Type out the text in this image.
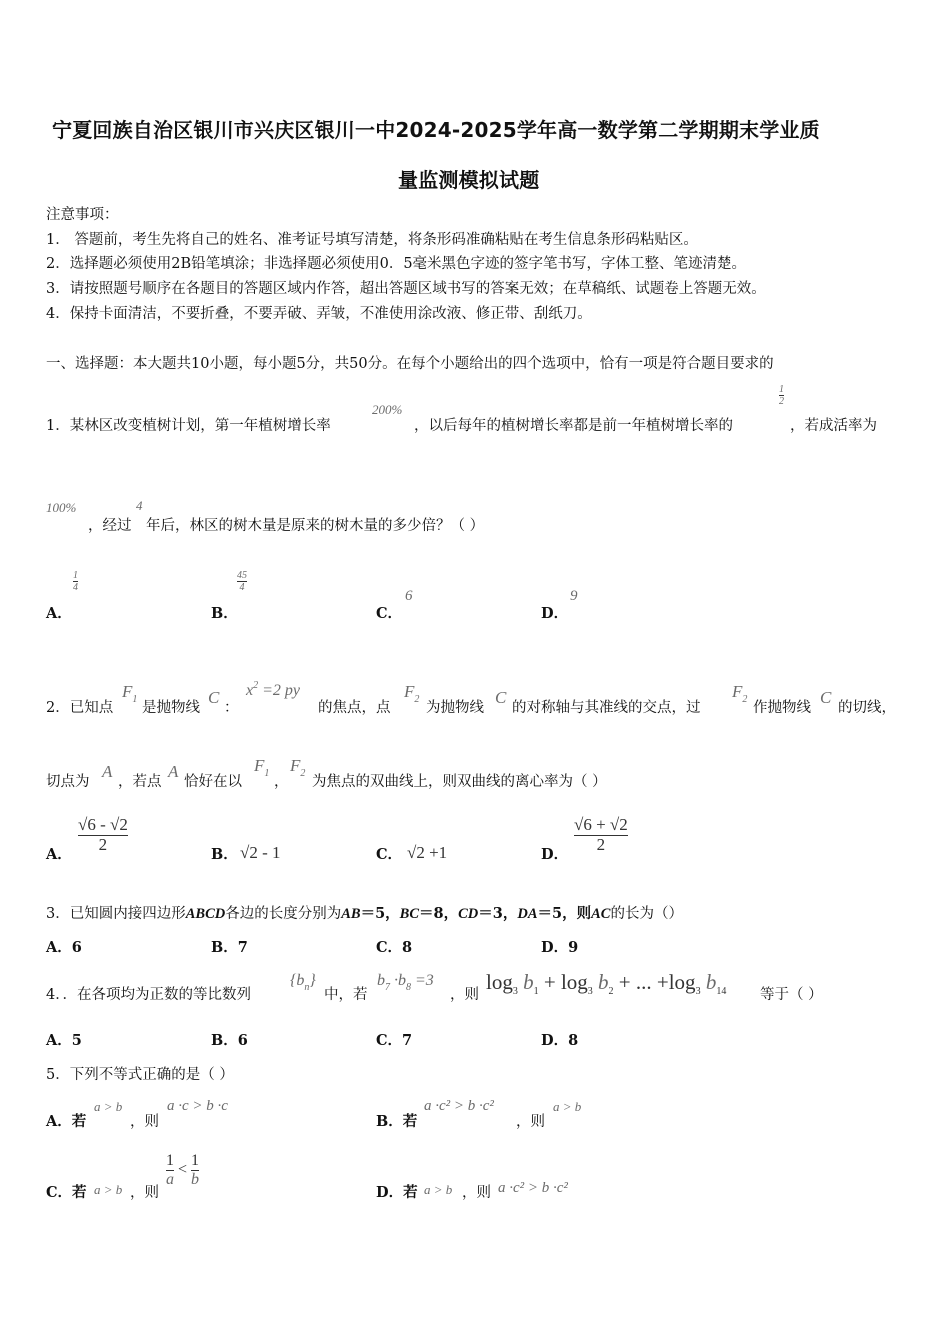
宁夏回族自治区银川市兴庆区银川一中2024-2025学年高一数学第二学期期末学业质
量监测模拟试题
注意事项：
1． 答题前，考生先将自己的姓名、准考证号填写清楚，将条形码准确粘贴在考生信息条形码粘贴区。
2．选择题必须使用2B铅笔填涂；非选择题必须使用0．5毫米黑色字迹的签字笔书写，字体工整、笔迹清楚。
3．请按照题号顺序在各题目的答题区域内作答，超出答题区域书写的答案无效；在草稿纸、试题卷上答题无效。
4．保持卡面清洁，不要折叠，不要弄破、弄皱，不准使用涂改液、修正带、刮纸刀。
一、选择题：本大题共10小题，每小题5分，共50分。在每个小题给出的四个选项中，恰有一项是符合题目要求的
1．某林区改变植树计划，第一年植树增长率
200%
，以后每年的植树增长率都是前一年植树增长率的
$\frac{1}{2}$
，若成活率为
100%
，经过
4
年后，林区的树木量是原来的树木量的多少倍？（ ）
A．
$\frac{1}{4}$
B．
$\frac{45}{4}$
C．
6
D．
9
2．已知点
$F_1$
是抛物线
C
：
$x^2 =2$ py
的焦点，点
$F_2$
为抛物线
C
的对称轴与其准线的交点，过
$F_2$
作抛物线
C
的切线，
切点为
A
，若点
A
恰好在以
$F_1$
，
$F_2$
为焦点的双曲线上，则双曲线的离心率为（ ）
A．
$\frac{√6 - √2}{2}$
B． √2 - 1	C． √2 +1	D．
$\frac{√6 + √2}{2}$
3．已知圆内接四边形ABCD各边的长度分别为AB＝5，BC＝8，CD＝3，DA＝5，则AC的长为（）
A．6	B．7	C．8	D．9
4．．在各项均为正数的等比数列
$\{b_n\}$
中，若
$b_7 \cdot b_8 =3$
，则
$\log_3 b_1 + \log_3 b_2$ + ... $+\log_3$ $b_{14}$ 等于（ ）
A．5	B．6	C．7	D．8
5．下列不等式正确的是（ ）
A．若
a > b
，则
a ·c > b ·c
B．若
a ·c² > b ·c²
，则
a > b
C．若 a > b ，则
$\frac{1}{a} < \frac{1}{b}$
D．若 a > b ，则 a ·c² > b ·c²
